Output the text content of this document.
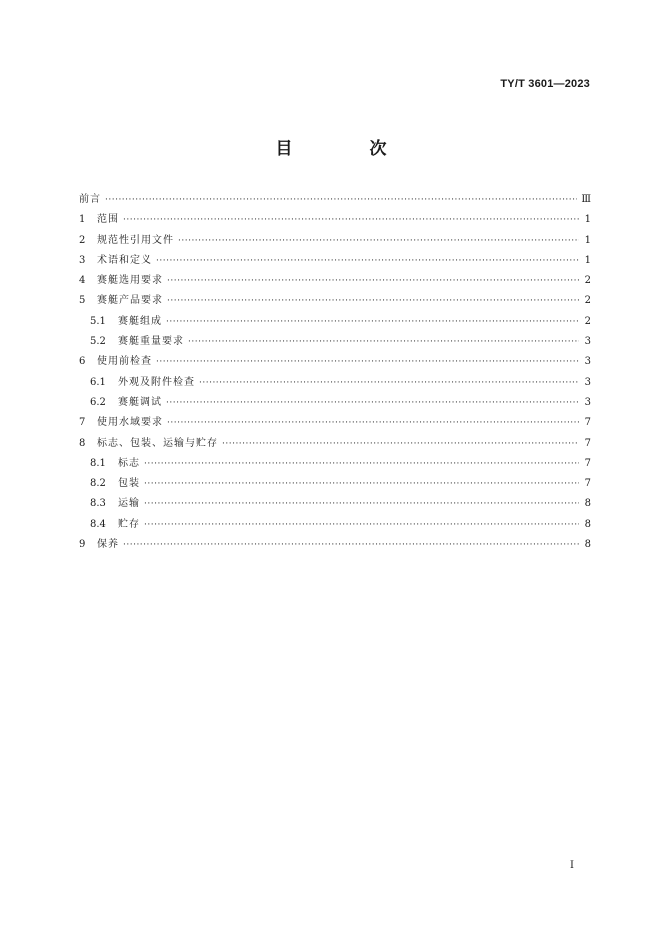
TY/T 3601—2023
目　次
前言 ·····	Ⅲ
1	范围 ·····	1
2	规范性引用文件 ·····	1
3	术语和定义 ·····	1
4	赛艇选用要求 ·····	2
5	赛艇产品要求 ·····	2
5.1	赛艇组成 ·····	2
5.2	赛艇重量要求 ·····	3
6	使用前检查 ·····	3
6.1	外观及附件检查 ·····	3
6.2	赛艇调试 ·····	3
7	使用水域要求 ·····	7
8	标志、包装、运输与贮存 ·····	7
8.1	标志 ·····	7
8.2	包装 ·····	7
8.3	运输 ·····	8
8.4	贮存 ·····	8
9	保养 ·····	8
I
